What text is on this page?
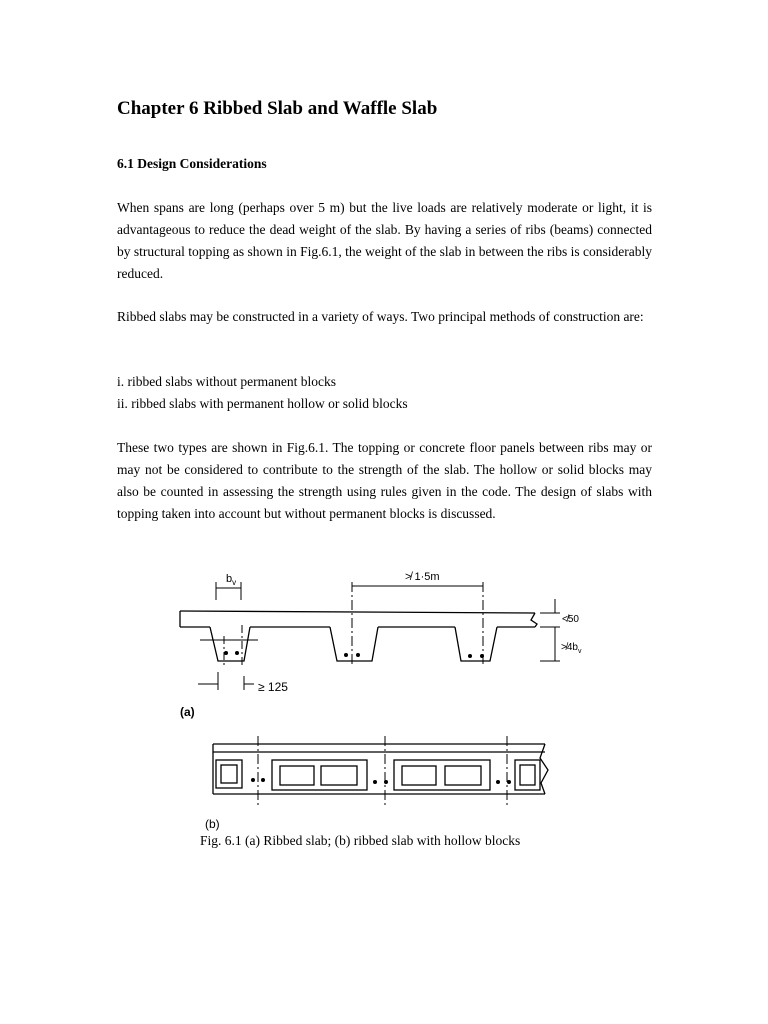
Chapter 6 Ribbed Slab and Waffle Slab
6.1 Design Considerations

When spans are long (perhaps over 5 m) but the live loads are relatively moderate or light, it is advantageous to reduce the dead weight of the slab. By having a series of ribs (beams) connected by structural topping as shown in Fig.6.1, the weight of the slab in between the ribs is considerably reduced.

Ribbed slabs may be constructed in a variety of ways. Two principal methods of construction are:

i. ribbed slabs without permanent blocks
ii. ribbed slabs with permanent hollow or solid blocks

These two types are shown in Fig.6.1. The topping or concrete floor panels between ribs may or may not be considered to contribute to the strength of the slab. The hollow or solid blocks may also be counted in assessing the strength using rules given in the code. The design of slabs with topping taken into account but without permanent blocks is discussed.

$b_v$	≯ 1·5m
≮50
$≯4b_v$
≥ 125
(a)
(b)

Fig. 6.1 (a) Ribbed slab; (b) ribbed slab with hollow blocks
